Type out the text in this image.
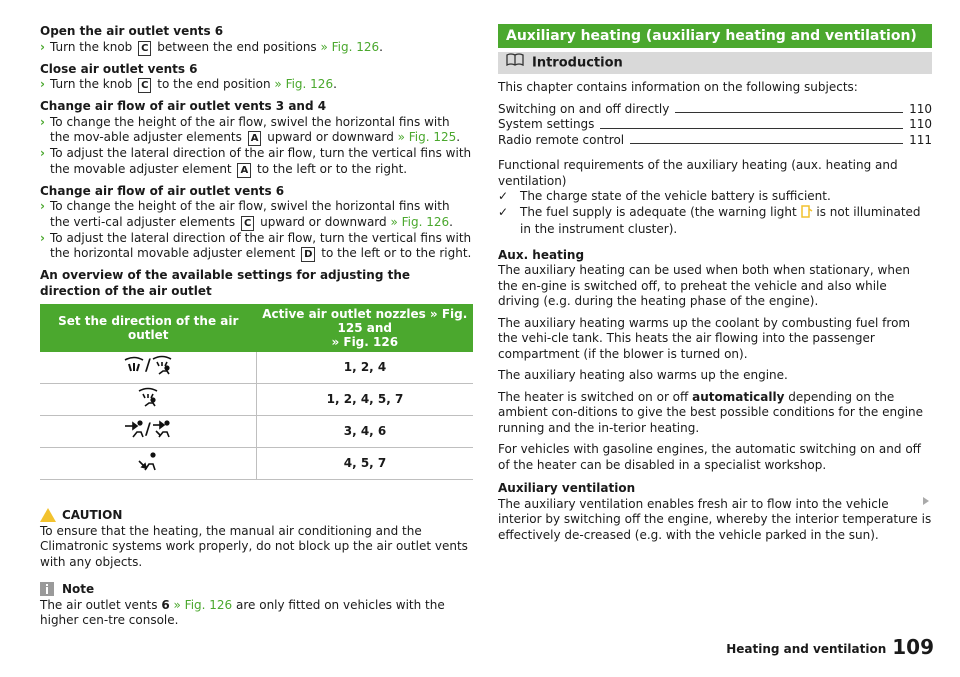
Open the air outlet vents 6

› Turn the knob C between the end positions » Fig. 126.

Close air outlet vents 6

› Turn the knob C to the end position » Fig. 126.

Change air flow of air outlet vents 3 and 4

› To change the height of the air flow, swivel the horizontal fins with the mov-able adjuster elements A upward or downward » Fig. 125.

› To adjust the lateral direction of the air flow, turn the vertical fins with the movable adjuster element A to the left or to the right.

Change air flow of air outlet vents 6

› To change the height of the air flow, swivel the horizontal fins with the verti-cal adjuster elements C upward or downward » Fig. 126.

› To adjust the lateral direction of the air flow, turn the vertical fins with the horizontal movable adjuster element D to the left or to the right.

An overview of the available settings for adjusting the direction of the air outlet

Set the direction of the air outlet	Active air outlet nozzles » Fig. 125 and
» Fig. 126

/	1, 2, 4
	1, 2, 4, 5, 7

/	3, 4, 6
	4, 5, 7

CAUTION

To ensure that the heating, the manual air conditioning and the Climatronic systems work properly, do not block up the air outlet vents with any objects.

Note

The air outlet vents 6 » Fig. 126 are only fitted on vehicles with the higher cen-tre console.

Auxiliary heating (auxiliary heating and ventilation)
Introduction

This chapter contains information on the following subjects:

Switching on and off directly	110
System settings	110
Radio remote control	111

Functional requirements of the auxiliary heating (aux. heating and ventilation)

✓ The charge state of the vehicle battery is sufficient.

✓ The fuel supply is adequate (the warning light  is not illuminated in the instrument cluster).

Aux. heating

The auxiliary heating can be used when both when stationary, when the en-gine is switched off, to preheat the vehicle and also while driving (e.g. during the heating phase of the engine).

The auxiliary heating warms up the coolant by combusting fuel from the vehi-cle tank. This heats the air flowing into the passenger compartment (if the blower is turned on).

The auxiliary heating also warms up the engine.

The heater is switched on or off automatically depending on the ambient con-ditions to give the best possible conditions for the engine running and the in-terior heating.

For vehicles with gasoline engines, the automatic switching on and off of the heater can be disabled in a specialist workshop.

Auxiliary ventilation

The auxiliary ventilation enables fresh air to flow into the vehicle interior by switching off the engine, whereby the interior temperature is effectively de-creased (e.g. with the vehicle parked in the sun).

Heating and ventilation 109
